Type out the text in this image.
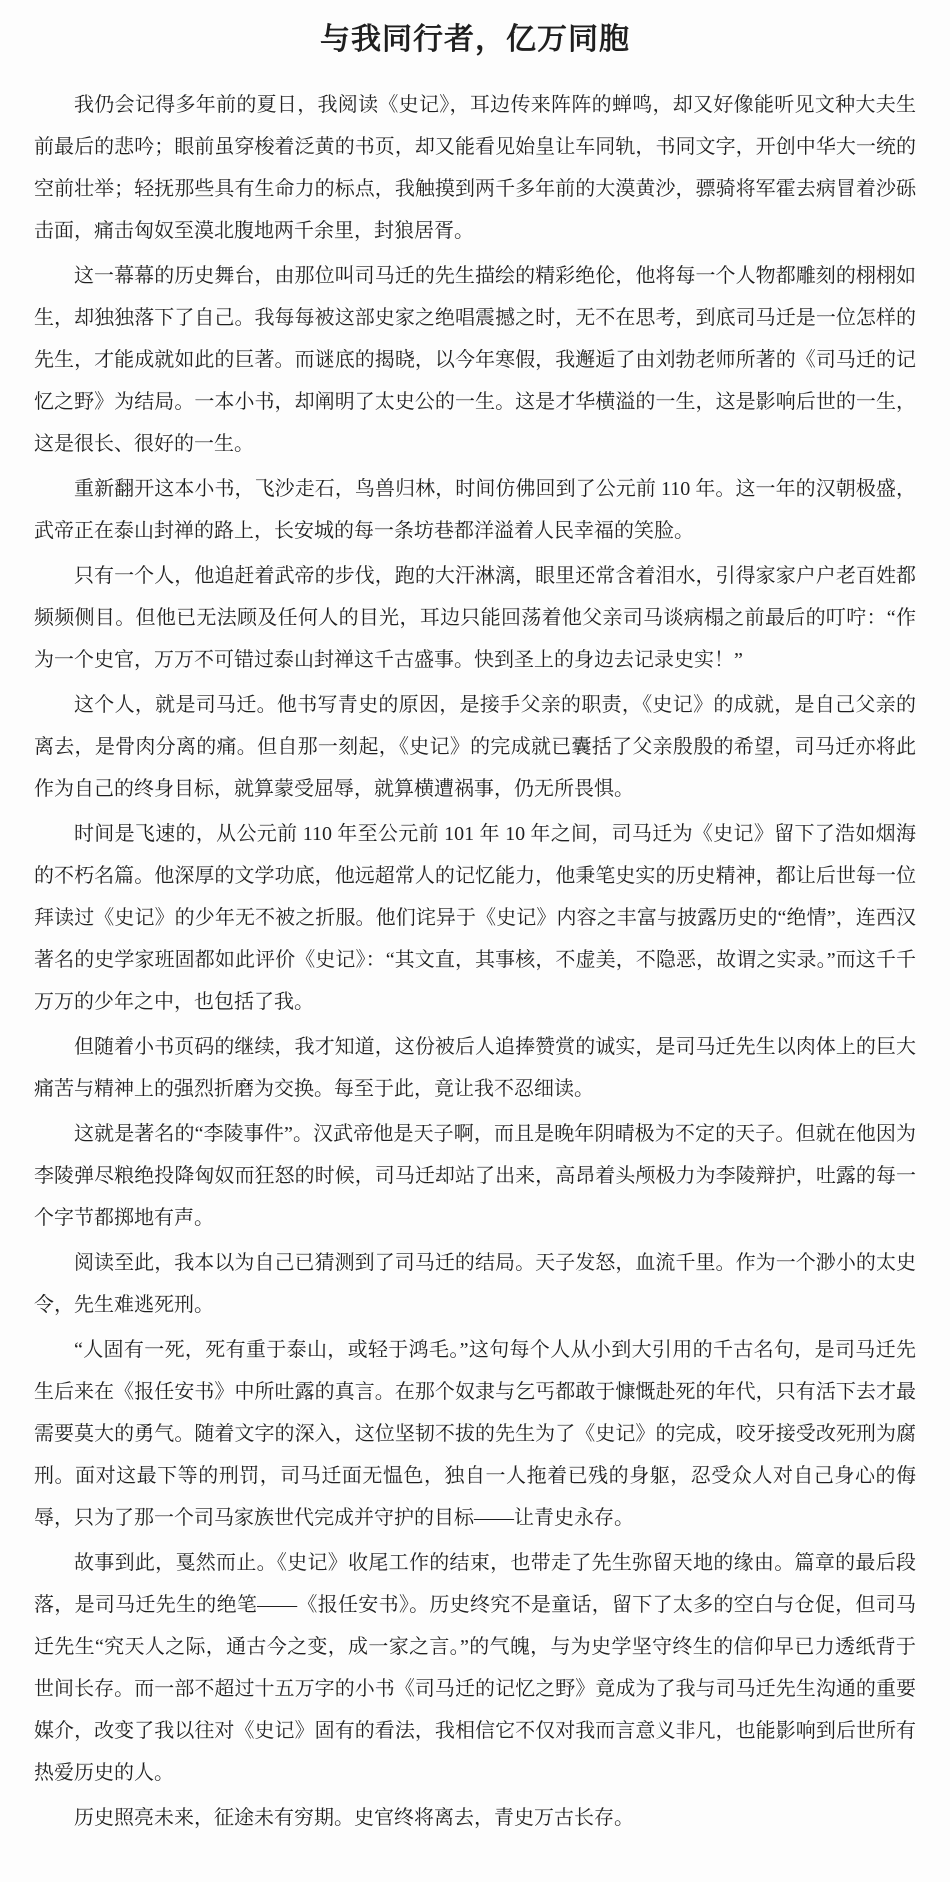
与我同行者，亿万同胞

我仍会记得多年前的夏日，我阅读《史记》，耳边传来阵阵的蝉鸣，却又好像能听见文种大夫生前最后的悲吟；眼前虽穿梭着泛黄的书页，却又能看见始皇让车同轨，书同文字，开创中华大一统的空前壮举；轻抚那些具有生命力的标点，我触摸到两千多年前的大漠黄沙，骠骑将军霍去病冒着沙砾击面，痛击匈奴至漠北腹地两千余里，封狼居胥。

这一幕幕的历史舞台，由那位叫司马迁的先生描绘的精彩绝伦，他将每一个人物都雕刻的栩栩如生，却独独落下了自己。我每每被这部史家之绝唱震撼之时，无不在思考，到底司马迁是一位怎样的先生，才能成就如此的巨著。而谜底的揭晓，以今年寒假，我邂逅了由刘勃老师所著的《司马迁的记忆之野》为结局。一本小书，却阐明了太史公的一生。这是才华横溢的一生，这是影响后世的一生，这是很长、很好的一生。

重新翻开这本小书，飞沙走石，鸟兽归林，时间仿佛回到了公元前 110 年。这一年的汉朝极盛，武帝正在泰山封禅的路上，长安城的每一条坊巷都洋溢着人民幸福的笑脸。

只有一个人，他追赶着武帝的步伐，跑的大汗淋漓，眼里还常含着泪水，引得家家户户老百姓都频频侧目。但他已无法顾及任何人的目光，耳边只能回荡着他父亲司马谈病榻之前最后的叮咛：“作为一个史官，万万不可错过泰山封禅这千古盛事。快到圣上的身边去记录史实！”

这个人，就是司马迁。他书写青史的原因，是接手父亲的职责，《史记》的成就，是自己父亲的离去，是骨肉分离的痛。但自那一刻起，《史记》的完成就已囊括了父亲殷殷的希望，司马迁亦将此作为自己的终身目标，就算蒙受屈辱，就算横遭祸事，仍无所畏惧。

时间是飞速的，从公元前 110 年至公元前 101 年 10 年之间，司马迁为《史记》留下了浩如烟海的不朽名篇。他深厚的文学功底，他远超常人的记忆能力，他秉笔史实的历史精神，都让后世每一位拜读过《史记》的少年无不被之折服。他们诧异于《史记》内容之丰富与披露历史的“绝情”，连西汉著名的史学家班固都如此评价《史记》：“其文直，其事核，不虚美，不隐恶，故谓之实录。”而这千千万万的少年之中，也包括了我。

但随着小书页码的继续，我才知道，这份被后人追捧赞赏的诚实，是司马迁先生以肉体上的巨大痛苦与精神上的强烈折磨为交换。每至于此，竟让我不忍细读。

这就是著名的“李陵事件”。汉武帝他是天子啊，而且是晚年阴晴极为不定的天子。但就在他因为李陵弹尽粮绝投降匈奴而狂怒的时候，司马迁却站了出来，高昂着头颅极力为李陵辩护，吐露的每一个字节都掷地有声。

阅读至此，我本以为自己已猜测到了司马迁的结局。天子发怒，血流千里。作为一个渺小的太史令，先生难逃死刑。

“人固有一死，死有重于泰山，或轻于鸿毛。”这句每个人从小到大引用的千古名句，是司马迁先生后来在《报任安书》中所吐露的真言。在那个奴隶与乞丐都敢于慷慨赴死的年代，只有活下去才最需要莫大的勇气。随着文字的深入，这位坚韧不拔的先生为了《史记》的完成，咬牙接受改死刑为腐刑。面对这最下等的刑罚，司马迁面无愠色，独自一人拖着已残的身躯，忍受众人对自己身心的侮辱，只为了那一个司马家族世代完成并守护的目标——让青史永存。

故事到此，戛然而止。《史记》收尾工作的结束，也带走了先生弥留天地的缘由。篇章的最后段落，是司马迁先生的绝笔——《报任安书》。历史终究不是童话，留下了太多的空白与仓促，但司马迁先生“究天人之际，通古今之变，成一家之言。”的气魄，与为史学坚守终生的信仰早已力透纸背于世间长存。而一部不超过十五万字的小书《司马迁的记忆之野》竟成为了我与司马迁先生沟通的重要媒介，改变了我以往对《史记》固有的看法，我相信它不仅对我而言意义非凡，也能影响到后世所有热爱历史的人。

历史照亮未来，征途未有穷期。史官终将离去，青史万古长存。
